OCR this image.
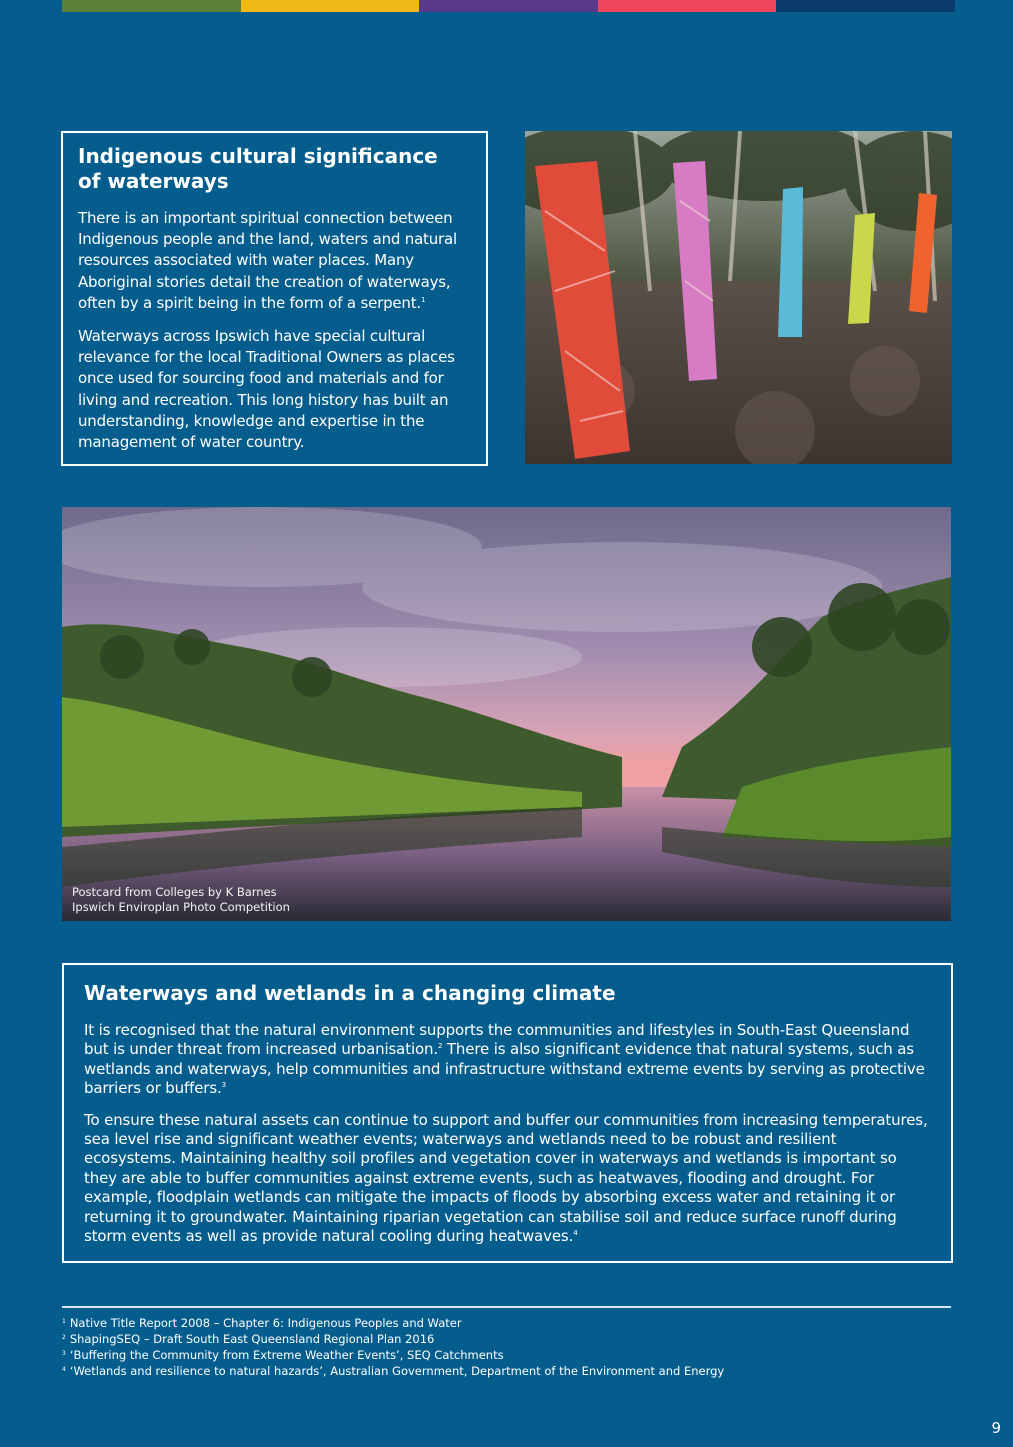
Indigenous cultural significance of waterways

There is an important spiritual connection between Indigenous people and the land, waters and natural resources associated with water places. Many Aboriginal stories detail the creation of waterways, often by a spirit being in the form of a serpent.$^1$

Waterways across Ipswich have special cultural relevance for the local Traditional Owners as places once used for sourcing food and materials and for living and recreation. This long history has built an understanding, knowledge and expertise in the management of water country.

Postcard from Colleges by K Barnes
Ipswich Enviroplan Photo Competition
Waterways and wetlands in a changing climate

It is recognised that the natural environment supports the communities and lifestyles in South-East Queensland but is under threat from increased urbanisation.$^2$ There is also significant evidence that natural systems, such as wetlands and waterways, help communities and infrastructure withstand extreme events by serving as protective barriers or buffers.$^3$

To ensure these natural assets can continue to support and buffer our communities from increasing temperatures, sea level rise and significant weather events; waterways and wetlands need to be robust and resilient ecosystems. Maintaining healthy soil profiles and vegetation cover in waterways and wetlands is important so they are able to buffer communities against extreme events, such as heatwaves, flooding and drought. For example, floodplain wetlands can mitigate the impacts of floods by absorbing excess water and retaining it or returning it to groundwater. Maintaining riparian vegetation can stabilise soil and reduce surface runoff during storm events as well as provide natural cooling during heatwaves.$^4$

$^1$ Native Title Report 2008 – Chapter 6: Indigenous Peoples and Water
$^2$ ShapingSEQ – Draft South East Queensland Regional Plan 2016
$^3$ ‘Buffering the Community from Extreme Weather Events’, SEQ Catchments
$^4$ ‘Wetlands and resilience to natural hazards’, Australian Government, Department of the Environment and Energy
9
